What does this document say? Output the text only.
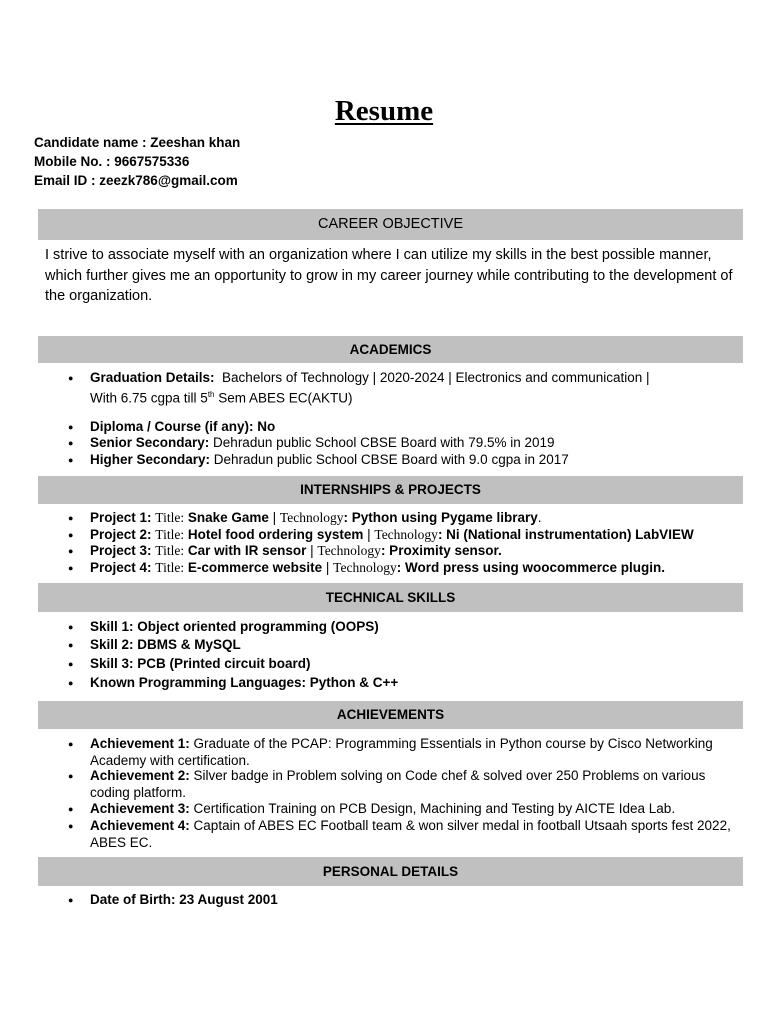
Resume
Candidate name : Zeeshan khan
Mobile No. : 9667575336
Email ID : zeezk786@gmail.com
CAREER OBJECTIVE
I strive to associate myself with an organization where I can utilize my skills in the best possible manner, which further gives me an opportunity to grow in my career journey while contributing to the development of the organization.
ACADEMICS
● Graduation Details: Bachelors of Technology | 2020-2024 | Electronics and communication |
With 6.75 cgpa till 5th Sem ABES EC(AKTU)
● Diploma / Course (if any): No
● Senior Secondary: Dehradun public School CBSE Board with 79.5% in 2019
● Higher Secondary: Dehradun public School CBSE Board with 9.0 cgpa in 2017
INTERNSHIPS & PROJECTS
● Project 1: Title: Snake Game | Technology: Python using Pygame library.
● Project 2: Title: Hotel food ordering system | Technology: Ni (National instrumentation) LabVIEW
● Project 3: Title: Car with IR sensor | Technology: Proximity sensor.
● Project 4: Title: E-commerce website | Technology: Word press using woocommerce plugin.
TECHNICAL SKILLS
● Skill 1: Object oriented programming (OOPS)
● Skill 2: DBMS & MySQL
● Skill 3: PCB (Printed circuit board)
● Known Programming Languages: Python & C++
ACHIEVEMENTS
● Achievement 1: Graduate of the PCAP: Programming Essentials in Python course by Cisco Networking Academy with certification.
● Achievement 2: Silver badge in Problem solving on Code chef & solved over 250 Problems on various coding platform.
● Achievement 3: Certification Training on PCB Design, Machining and Testing by AICTE Idea Lab.
● Achievement 4: Captain of ABES EC Football team & won silver medal in football Utsaah sports fest 2022, ABES EC.
PERSONAL DETAILS
● Date of Birth: 23 August 2001
